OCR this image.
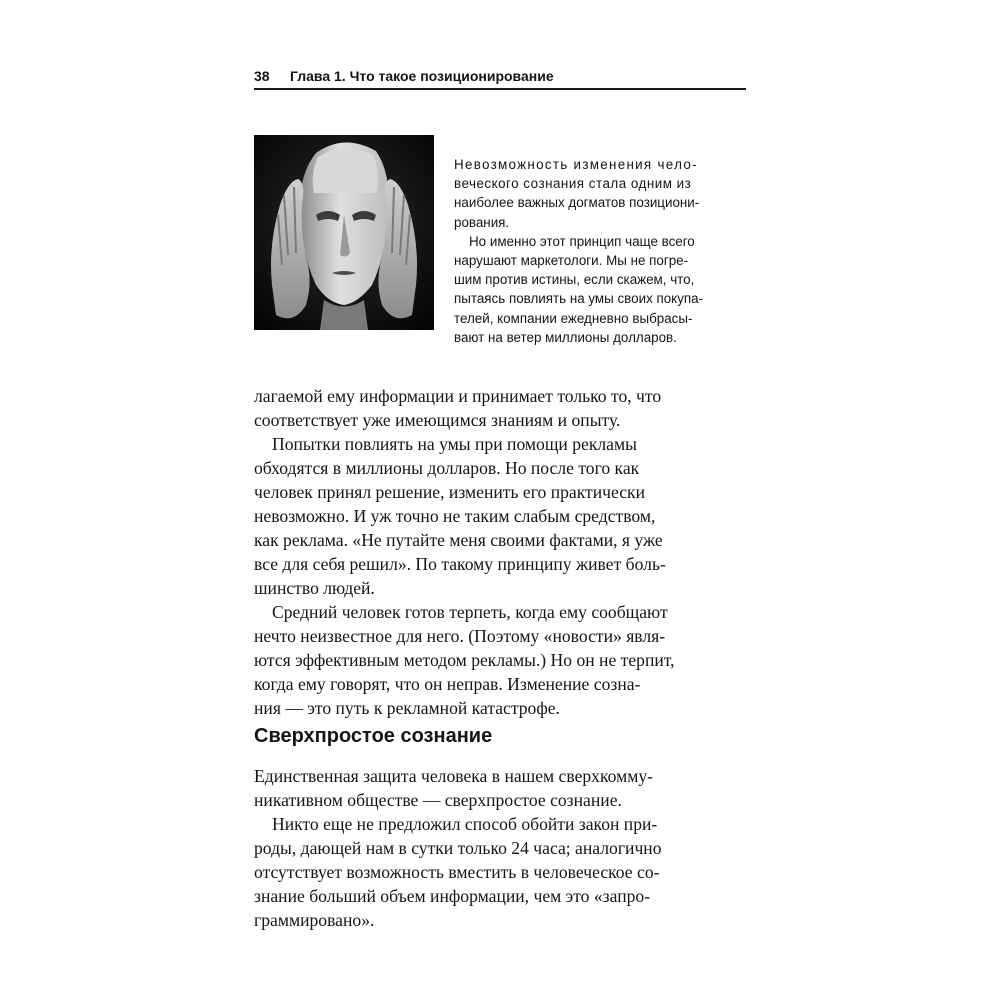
38 Глава 1. Что такое позиционирование
Невозможность изменения чело-
веческого сознания стала одним из
наиболее важных догматов позициони-
рования.
Но именно этот принцип чаще всего
нарушают маркетологи. Мы не погре-
шим против истины, если скажем, что,
пытаясь повлиять на умы своих покупа-
телей, компании ежедневно выбрасы-
вают на ветер миллионы долларов.
лагаемой ему информации и принимает только то, что
соответствует уже имеющимся знаниям и опыту.
Попытки повлиять на умы при помощи рекламы
обходятся в миллионы долларов. Но после того как
человек принял решение, изменить его практически
невозможно. И уж точно не таким слабым средством,
как реклама. «Не путайте меня своими фактами, я уже
все для себя решил». По такому принципу живет боль-
шинство людей.
Средний человек готов терпеть, когда ему сообщают
нечто неизвестное для него. (Поэтому «новости» явля-
ются эффективным методом рекламы.) Но он не терпит,
когда ему говорят, что он неправ. Изменение созна-
ния — это путь к рекламной катастрофе.
Сверхпростое сознание
Единственная защита человека в нашем сверхкомму-
никативном обществе — сверхпростое сознание.
Никто еще не предложил способ обойти закон при-
роды, дающей нам в сутки только 24 часа; аналогично
отсутствует возможность вместить в человеческое со-
знание больший объем информации, чем это «запро-
граммировано».
